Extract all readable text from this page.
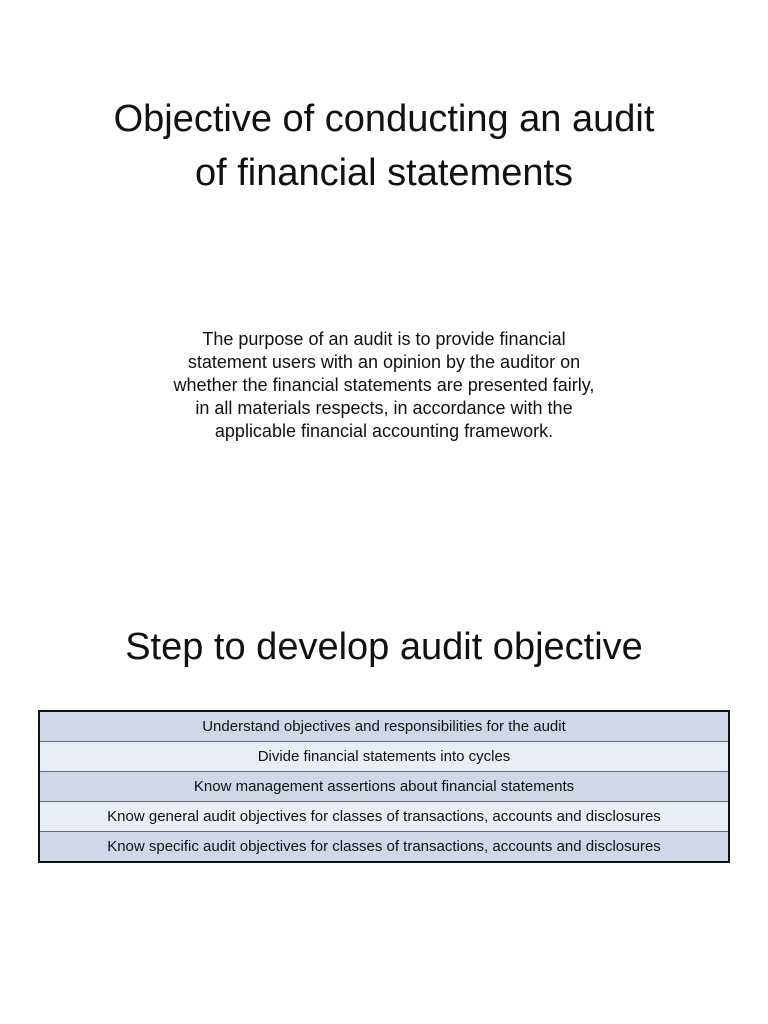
Objective of conducting an audit
of financial statements

The purpose of an audit is to provide financial
statement users with an opinion by the auditor on
whether the financial statements are presented fairly,
in all materials respects, in accordance with the
applicable financial accounting framework.

Step to develop audit objective
Understand objectives and responsibilities for the audit
Divide financial statements into cycles
Know management assertions about financial statements
Know general audit objectives for classes of transactions, accounts and disclosures
Know specific audit objectives for classes of transactions, accounts and disclosures
